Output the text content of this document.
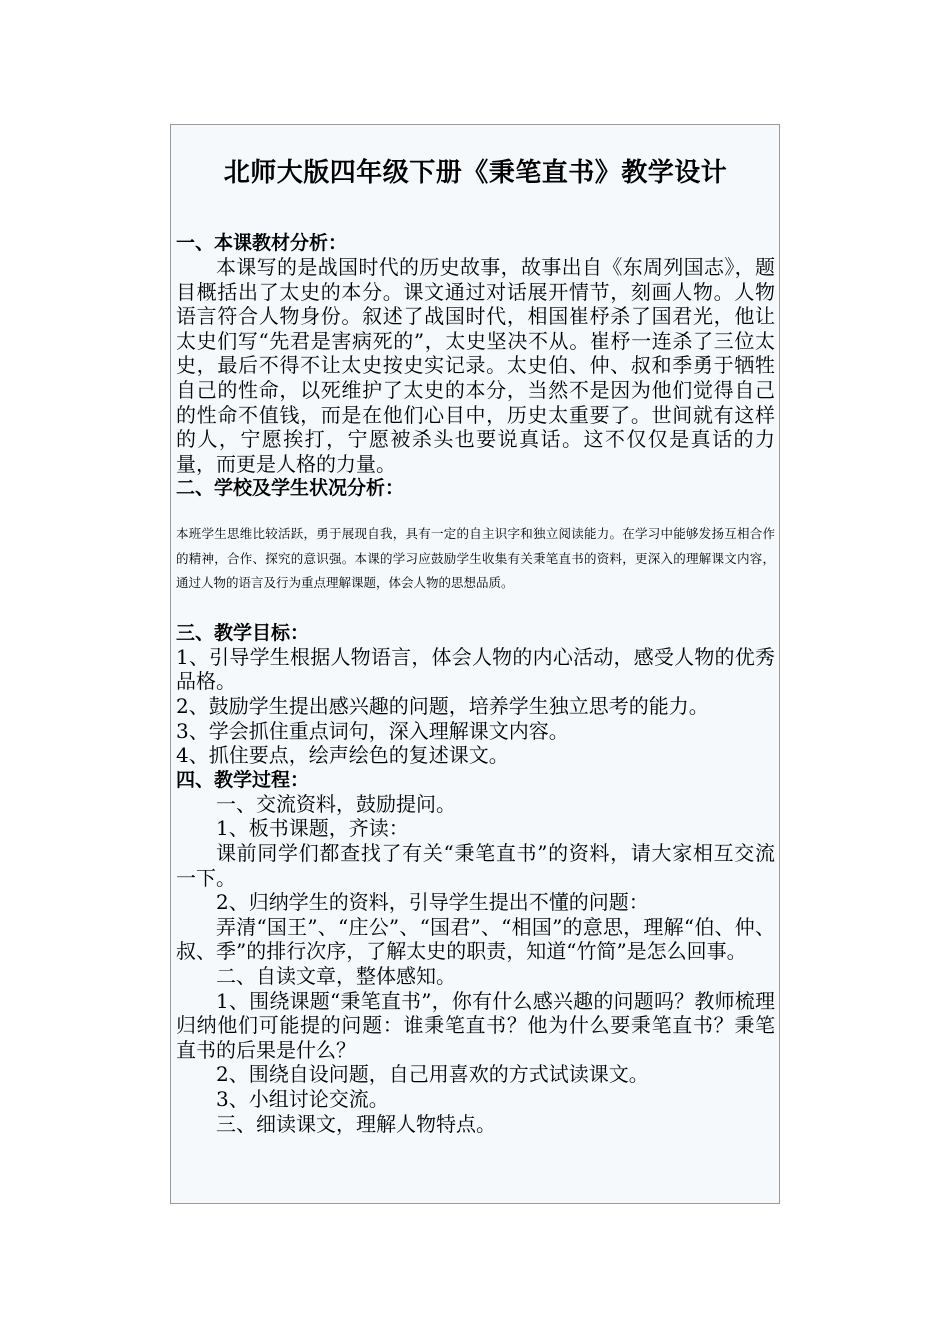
北师大版四年级下册《秉笔直书》教学设计
一、本课教材分析：

本课写的是战国时代的历史故事，故事出自《东周列国志》，题目概括出了太史的本分。课文通过对话展开情节，刻画人物。人物语言符合人物身份。叙述了战国时代，相国崔杼杀了国君光，他让太史们写“先君是害病死的”，太史坚决不从。崔杼一连杀了三位太史，最后不得不让太史按史实记录。太史伯、仲、叔和季勇于牺牲自己的性命，以死维护了太史的本分，当然不是因为他们觉得自己的性命不值钱，而是在他们心目中，历史太重要了。世间就有这样的人，宁愿挨打，宁愿被杀头也要说真话。这不仅仅是真话的力量，而更是人格的力量。

二、学校及学生状况分析：

本班学生思维比较活跃，勇于展现自我，具有一定的自主识字和独立阅读能力。在学习中能够发扬互相合作的精神，合作、探究的意识强。本课的学习应鼓励学生收集有关秉笔直书的资料，更深入的理解课文内容，通过人物的语言及行为重点理解课题，体会人物的思想品质。

三、教学目标：

1、引导学生根据人物语言，体会人物的内心活动，感受人物的优秀品格。

2、鼓励学生提出感兴趣的问题，培养学生独立思考的能力。

3、学会抓住重点词句，深入理解课文内容。

4、抓住要点，绘声绘色的复述课文。

四、教学过程：

一、交流资料，鼓励提问。

1、板书课题，齐读：

课前同学们都查找了有关“秉笔直书”的资料，请大家相互交流一下。

2、归纳学生的资料，引导学生提出不懂的问题：

弄清“国王”、“庄公”、“国君”、“相国”的意思，理解“伯、仲、叔、季”的排行次序，了解太史的职责，知道“竹简”是怎么回事。

二、自读文章，整体感知。

1、围绕课题“秉笔直书”，你有什么感兴趣的问题吗？教师梳理归纳他们可能提的问题：谁秉笔直书？他为什么要秉笔直书？秉笔直书的后果是什么？

2、围绕自设问题，自己用喜欢的方式试读课文。

3、小组讨论交流。

三、细读课文，理解人物特点。
